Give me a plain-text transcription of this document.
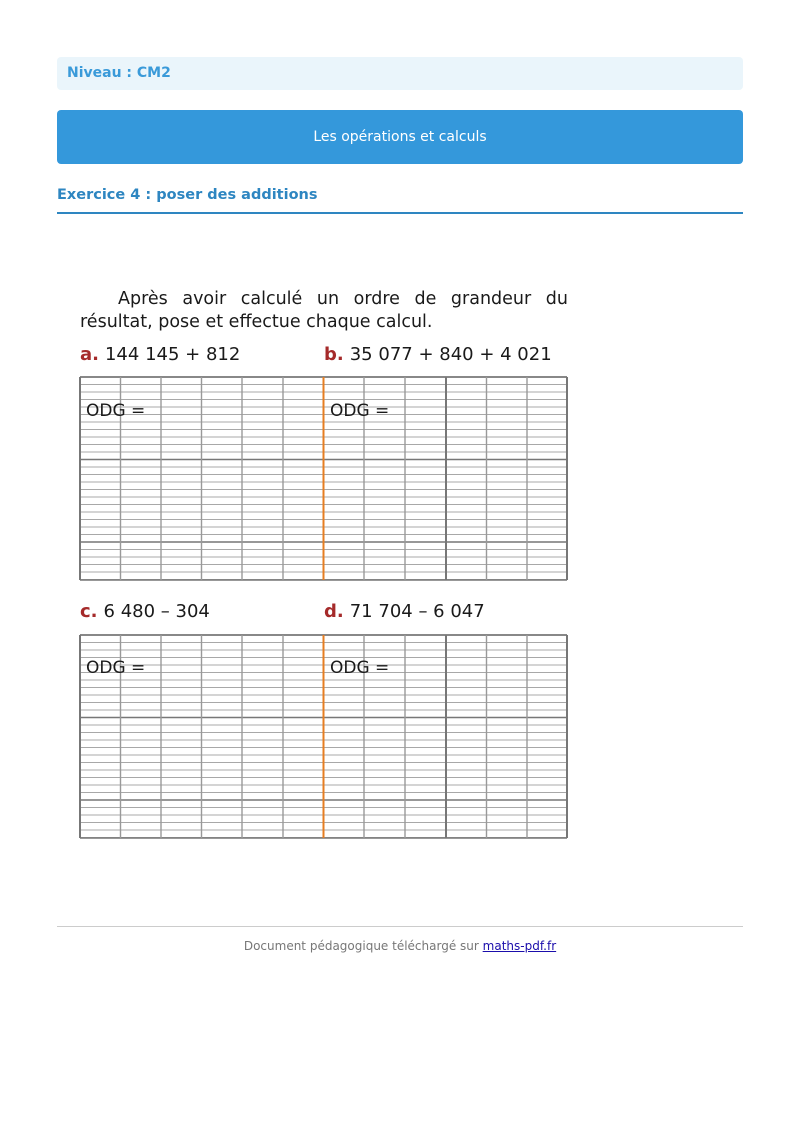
Niveau : CM2
Les opérations et calculs
Exercice 4 : poser des additions
Après avoir calculé un ordre de grandeur du résultat, pose et effectue chaque calcul.
a. 144 145 + 812	b. 35 077 + 840 + 4 021
c. 6 480 – 304	d. 71 704 – 6 047
ODG =	ODG =
ODG =	ODG =
Document pédagogique téléchargé sur maths-pdf.fr
